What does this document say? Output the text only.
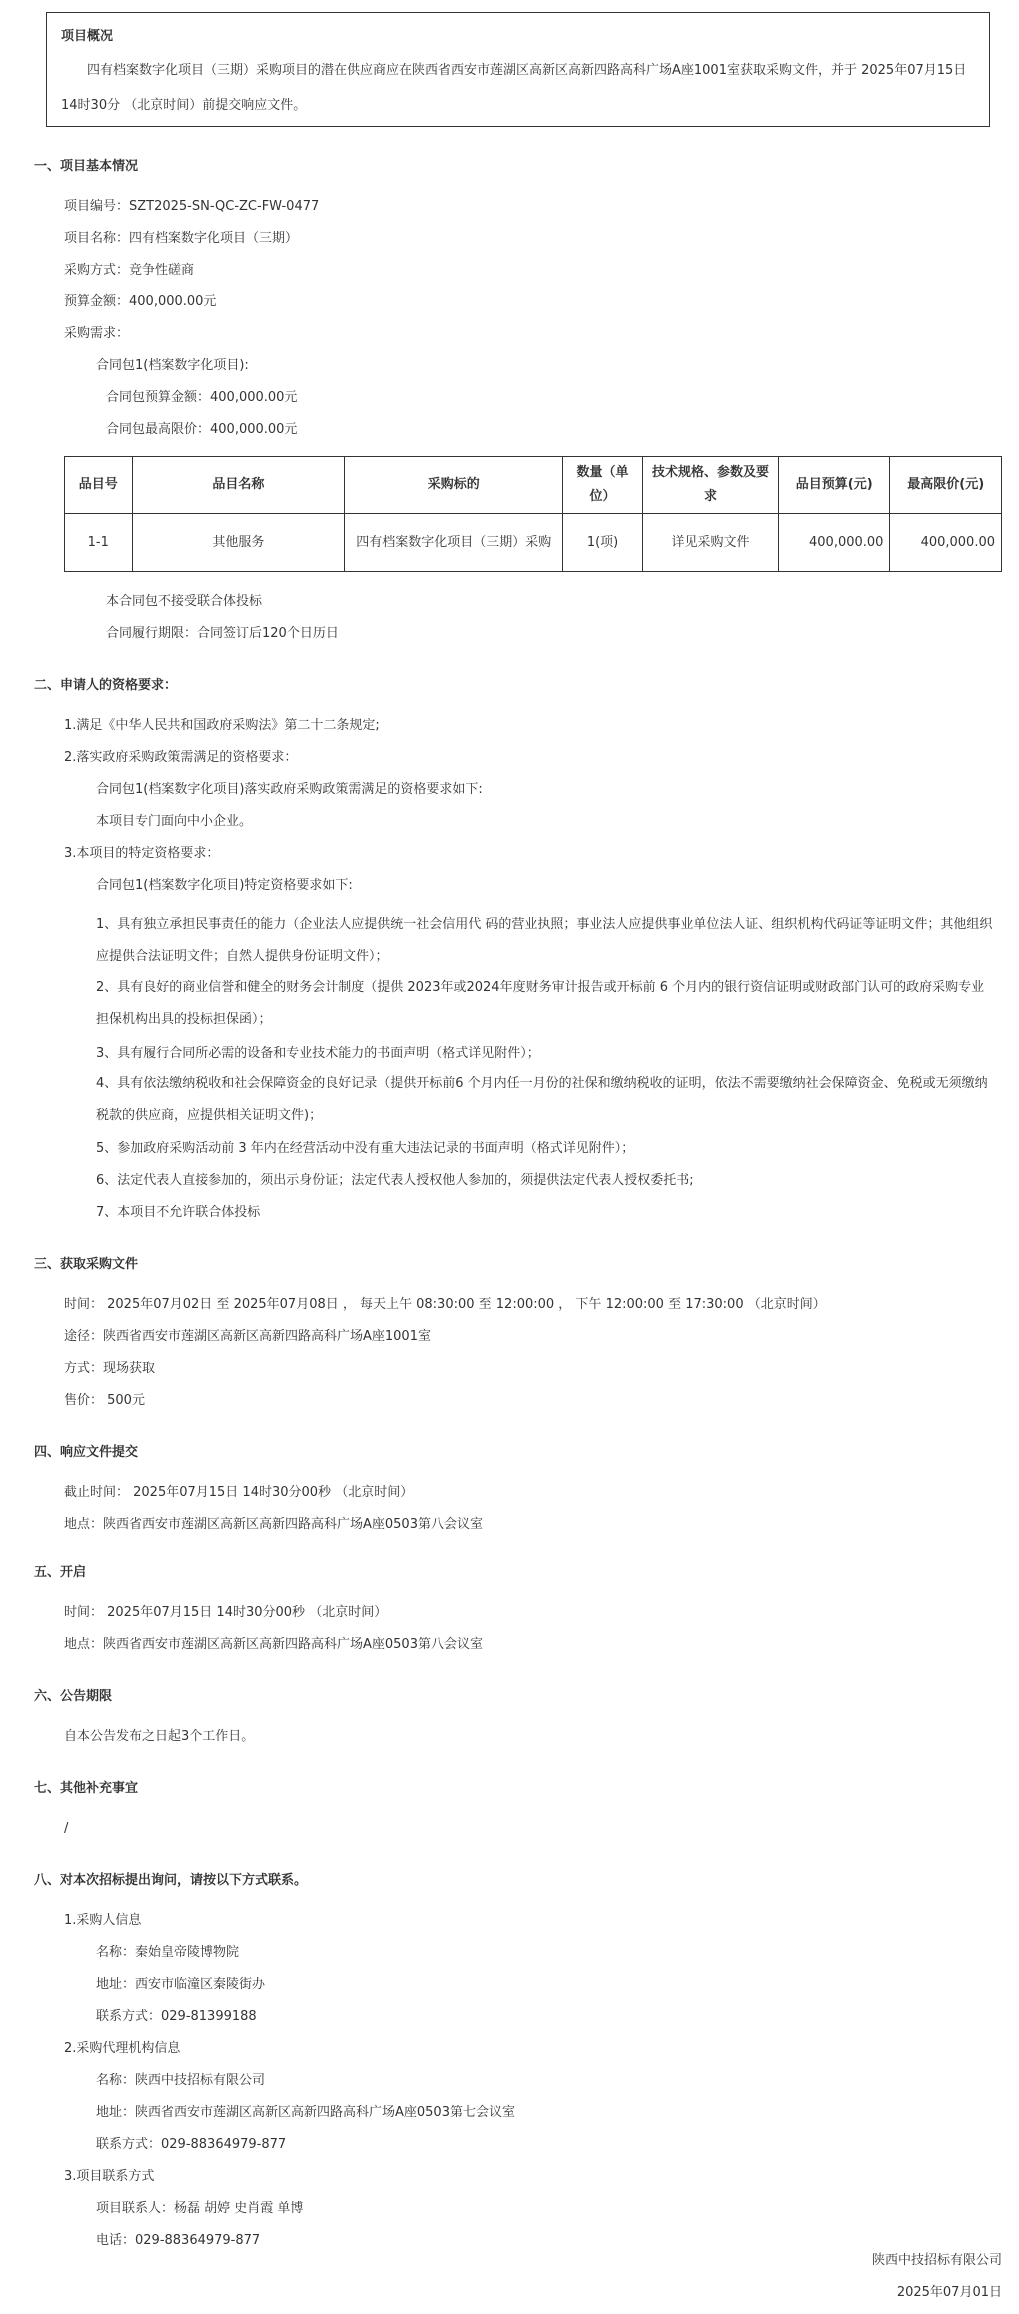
项目概况
四有档案数字化项目（三期）采购项目的潜在供应商应在陕西省西安市莲湖区高新区高新四路高科广场A座1001室获取采购文件，并于 2025年07月15日 14时30分 （北京时间）前提交响应文件。
一、项目基本情况
项目编号：SZT2025-SN-QC-ZC-FW-0477
项目名称：四有档案数字化项目（三期）
采购方式：竞争性磋商
预算金额：400,000.00元
采购需求：
合同包1(档案数字化项目):
合同包预算金额：400,000.00元
合同包最高限价：400,000.00元
品目号	品目名称	采购标的	数量（单位）	技术规格、参数及要求	品目预算(元)	最高限价(元)
1-1	其他服务	四有档案数字化项目（三期）采购	1(项)	详见采购文件	400,000.00	400,000.00
本合同包不接受联合体投标
合同履行期限：合同签订后120个日历日
二、申请人的资格要求：
1.满足《中华人民共和国政府采购法》第二十二条规定;
2.落实政府采购政策需满足的资格要求：
合同包1(档案数字化项目)落实政府采购政策需满足的资格要求如下:
本项目专门面向中小企业。
3.本项目的特定资格要求：
合同包1(档案数字化项目)特定资格要求如下:
1、具有独立承担民事责任的能力（企业法人应提供统一社会信用代 码的营业执照；事业法人应提供事业单位法人证、组织机构代码证等证明文件；其他组织应提供合法证明文件；自然人提供身份证明文件）；
2、具有良好的商业信誉和健全的财务会计制度（提供 2023年或2024年度财务审计报告或开标前 6 个月内的银行资信证明或财政部门认可的政府采购专业担保机构出具的投标担保函）；
3、具有履行合同所必需的设备和专业技术能力的书面声明（格式详见附件）；
4、具有依法缴纳税收和社会保障资金的良好记录（提供开标前6 个月内任一月份的社保和缴纳税收的证明，依法不需要缴纳社会保障资金、免税或无须缴纳税款的供应商，应提供相关证明文件)；
5、参加政府采购活动前 3 年内在经营活动中没有重大违法记录的书面声明（格式详见附件）；
6、法定代表人直接参加的，须出示身份证；法定代表人授权他人参加的，须提供法定代表人授权委托书;
7、本项目不允许联合体投标
三、获取采购文件
时间： 2025年07月02日 至 2025年07月08日 ， 每天上午 08:30:00 至 12:00:00 ， 下午 12:00:00 至 17:30:00 （北京时间）
途径：陕西省西安市莲湖区高新区高新四路高科广场A座1001室
方式：现场获取
售价： 500元
四、响应文件提交
截止时间： 2025年07月15日 14时30分00秒 （北京时间）
地点：陕西省西安市莲湖区高新区高新四路高科广场A座0503第八会议室
五、开启
时间： 2025年07月15日 14时30分00秒 （北京时间）
地点：陕西省西安市莲湖区高新区高新四路高科广场A座0503第八会议室
六、公告期限
自本公告发布之日起3个工作日。
七、其他补充事宜
/
八、对本次招标提出询问，请按以下方式联系。
1.采购人信息
名称：秦始皇帝陵博物院
地址：西安市临潼区秦陵街办
联系方式：029-81399188
2.采购代理机构信息
名称：陕西中技招标有限公司
地址：陕西省西安市莲湖区高新区高新四路高科广场A座0503第七会议室
联系方式：029-88364979-877
3.项目联系方式
项目联系人：杨磊 胡婷 史肖霞 单博
电话：029-88364979-877
陕西中技招标有限公司
2025年07月01日
